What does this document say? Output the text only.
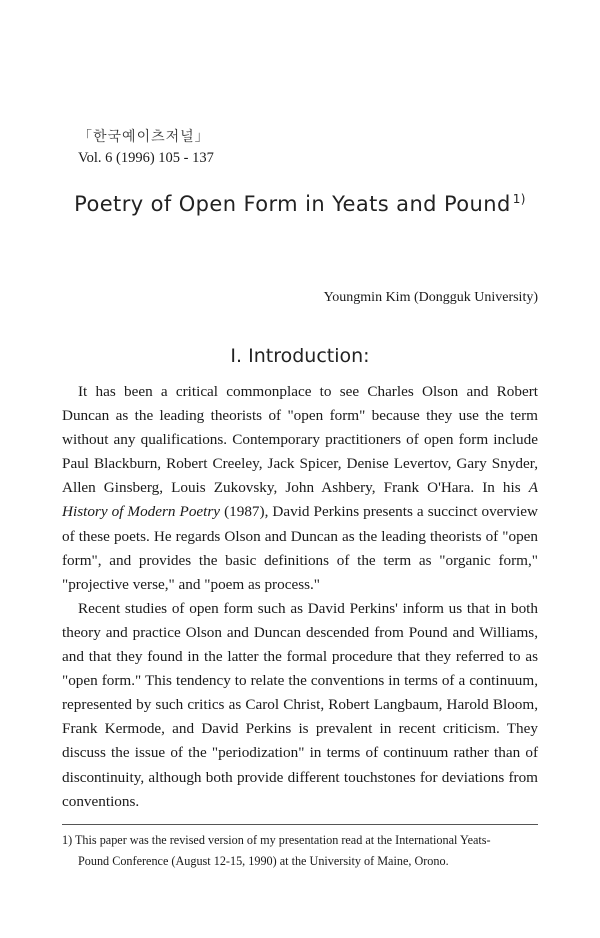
「한국예이츠저널」
Vol. 6 (1996) 105 - 137
Poetry of Open Form in Yeats and Pound $^{1)}$
Youngmin Kim (Dongguk University)
I. Introduction:

It has been a critical commonplace to see Charles Olson and Robert Duncan as the leading theorists of "open form" because they use the term without any qualifications. Contemporary practitioners of open form include Paul Blackburn, Robert Creeley, Jack Spicer, Denise Levertov, Gary Snyder, Allen Ginsberg, Louis Zukovsky, John Ashbery, Frank O'Hara. In his A History of Modern Poetry (1987), David Perkins presents a succinct overview of these poets. He regards Olson and Duncan as the leading theorists of "open form", and provides the basic definitions of the term as "organic form," "projective verse," and "poem as process."

Recent studies of open form such as David Perkins' inform us that in both theory and practice Olson and Duncan descended from Pound and Williams, and that they found in the latter the formal procedure that they referred to as "open form." This tendency to relate the conventions in terms of a continuum, represented by such critics as Carol Christ, Robert Langbaum, Harold Bloom, Frank Kermode, and David Perkins is prevalent in recent criticism. They discuss the issue of the "periodization" in terms of continuum rather than of discontinuity, although both provide different touchstones for deviations from conventions.

1) This paper was the revised version of my presentation read at the International Yeats-
Pound Conference (August 12-15, 1990) at the University of Maine, Orono.
